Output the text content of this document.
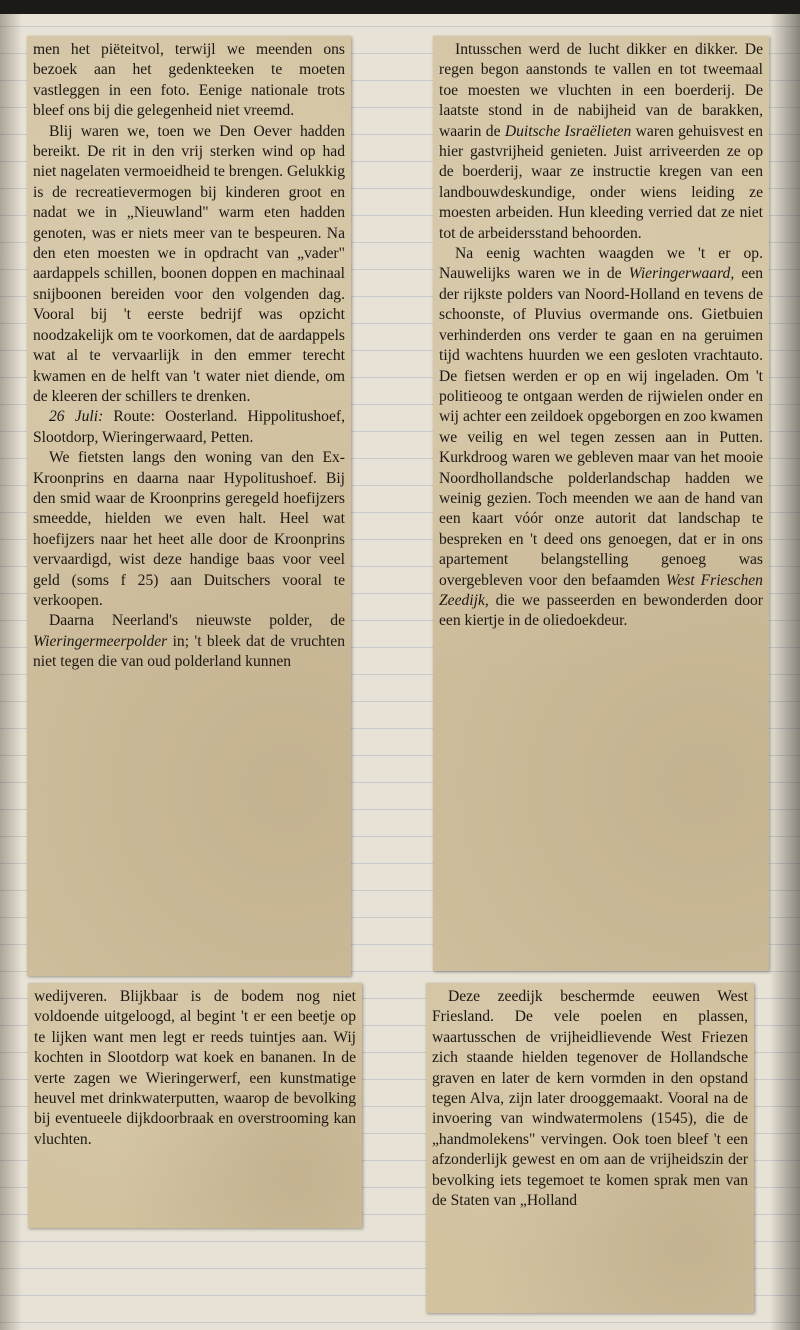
men het piëteitvol, terwijl we meenden ons bezoek aan het gedenkteeken te moeten vastleggen in een foto. Eenige nationale trots bleef ons bij die gelegenheid niet vreemd.

Blij waren we, toen we Den Oever hadden bereikt. De rit in den vrij sterken wind op had niet nagelaten vermoeidheid te brengen. Gelukkig is de recreatievermogen bij kinderen groot en nadat we in „Nieuwland" warm eten hadden genoten, was er niets meer van te bespeuren. Na den eten moesten we in opdracht van „vader" aardappels schillen, boonen doppen en machinaal snijboonen bereiden voor den volgenden dag. Vooral bij 't eerste bedrijf was opzicht noodzakelijk om te voorkomen, dat de aardappels wat al te vervaarlijk in den emmer terecht kwamen en de helft van 't water niet diende, om de kleeren der schillers te drenken.

26 Juli: Route: Oosterland. Hippolitushoef, Slootdorp, Wieringerwaard, Petten.

We fietsten langs den woning van den Ex-Kroonprins en daarna naar Hypolitushoef. Bij den smid waar de Kroonprins geregeld hoefijzers smeedde, hielden we even halt. Heel wat hoefijzers naar het heet alle door de Kroonprins vervaardigd, wist deze handige baas voor veel geld (soms f 25) aan Duitschers vooral te verkoopen.

Daarna Neerland's nieuwste polder, de Wieringermeerpolder in; 't bleek dat de vruchten niet tegen die van oud polderland kunnen

Intusschen werd de lucht dikker en dikker. De regen begon aanstonds te vallen en tot tweemaal toe moesten we vluchten in een boerderij. De laatste stond in de nabijheid van de barakken, waarin de Duitsche Israëlieten waren gehuisvest en hier gastvrijheid genieten. Juist arriveerden ze op de boerderij, waar ze instructie kregen van een landbouwdeskundige, onder wiens leiding ze moesten arbeiden. Hun kleeding verried dat ze niet tot de arbeidersstand behoorden.

Na eenig wachten waagden we 't er op. Nauwelijks waren we in de Wieringerwaard, een der rijkste polders van Noord-Holland en tevens de schoonste, of Pluvius overmande ons. Gietbuien verhinderden ons verder te gaan en na geruimen tijd wachtens huurden we een gesloten vrachtauto. De fietsen werden er op en wij ingeladen. Om 't politieoog te ontgaan werden de rijwielen onder en wij achter een zeildoek opgeborgen en zoo kwamen we veilig en wel tegen zessen aan in Putten. Kurkdroog waren we gebleven maar van het mooie Noordhollandsche polderlandschap hadden we weinig gezien. Toch meenden we aan de hand van een kaart vóór onze autorit dat landschap te bespreken en 't deed ons genoegen, dat er in ons apartement belangstelling genoeg was overgebleven voor den befaamden West Frieschen Zeedijk, die we passeerden en bewonderden door een kiertje in de oliedoekdeur.

wedijveren. Blijkbaar is de bodem nog niet voldoende uitgeloogd, al begint 't er een beetje op te lijken want men legt er reeds tuintjes aan. Wij kochten in Slootdorp wat koek en bananen. In de verte zagen we Wieringerwerf, een kunstmatige heuvel met drinkwaterputten, waarop de bevolking bij eventueele dijkdoorbraak en overstrooming kan vluchten.

Deze zeedijk beschermde eeuwen West Friesland. De vele poelen en plassen, waartusschen de vrijheidlievende West Friezen zich staande hielden tegenover de Hollandsche graven en later de kern vormden in den opstand tegen Alva, zijn later drooggemaakt. Vooral na de invoering van windwatermolens (1545), die de „handmolekens" vervingen. Ook toen bleef 't een afzonderlijk gewest en om aan de vrijheidszin der bevolking iets tegemoet te komen sprak men van de Staten van „Holland
